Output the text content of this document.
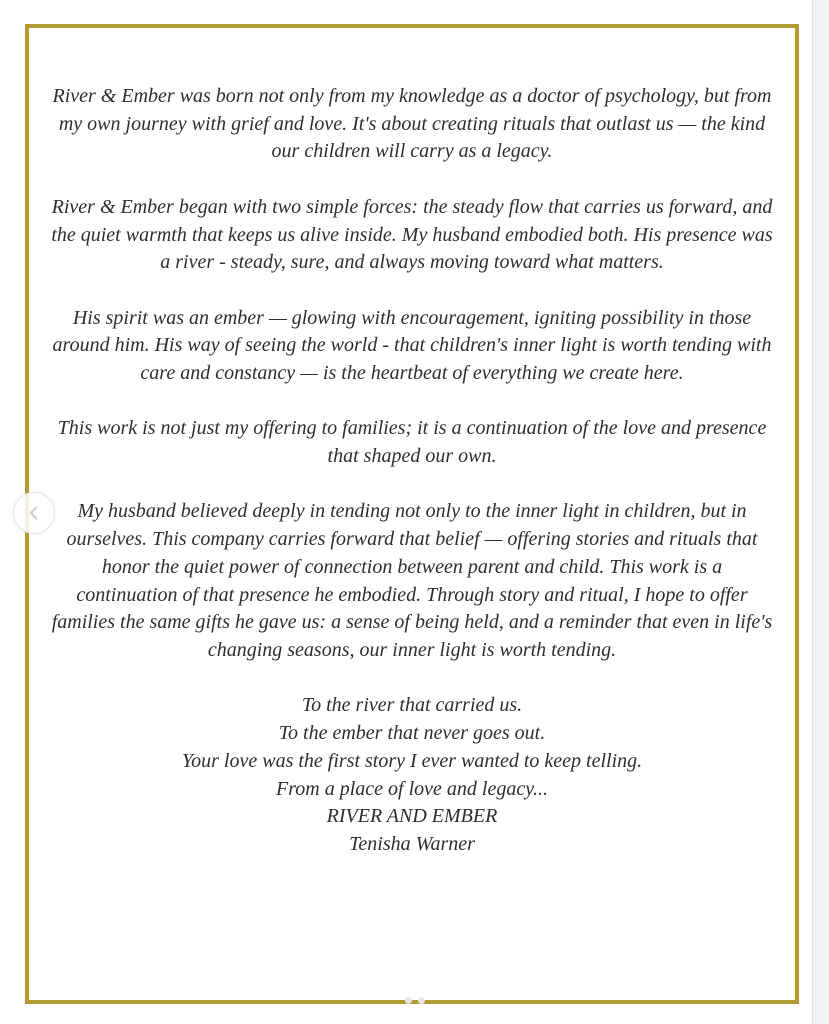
River & Ember was born not only from my knowledge as a doctor of psychology, but from my own journey with grief and love. It's about creating rituals that outlast us — the kind our children will carry as a legacy.

River & Ember began with two simple forces: the steady flow that carries us forward, and the quiet warmth that keeps us alive inside. My husband embodied both. His presence was a river - steady, sure, and always moving toward what matters.

His spirit was an ember — glowing with encouragement, igniting possibility in those around him. His way of seeing the world - that children's inner light is worth tending with care and constancy — is the heartbeat of everything we create here.

This work is not just my offering to families; it is a continuation of the love and presence that shaped our own.

My husband believed deeply in tending not only to the inner light in children, but in ourselves. This company carries forward that belief — offering stories and rituals that honor the quiet power of connection between parent and child. This work is a continuation of that presence he embodied. Through story and ritual, I hope to offer families the same gifts he gave us: a sense of being held, and a reminder that even in life's changing seasons, our inner light is worth tending.

To the river that carried us.

To the ember that never goes out.

Your love was the first story I ever wanted to keep telling.

From a place of love and legacy...

RIVER AND EMBER

Tenisha Warner
